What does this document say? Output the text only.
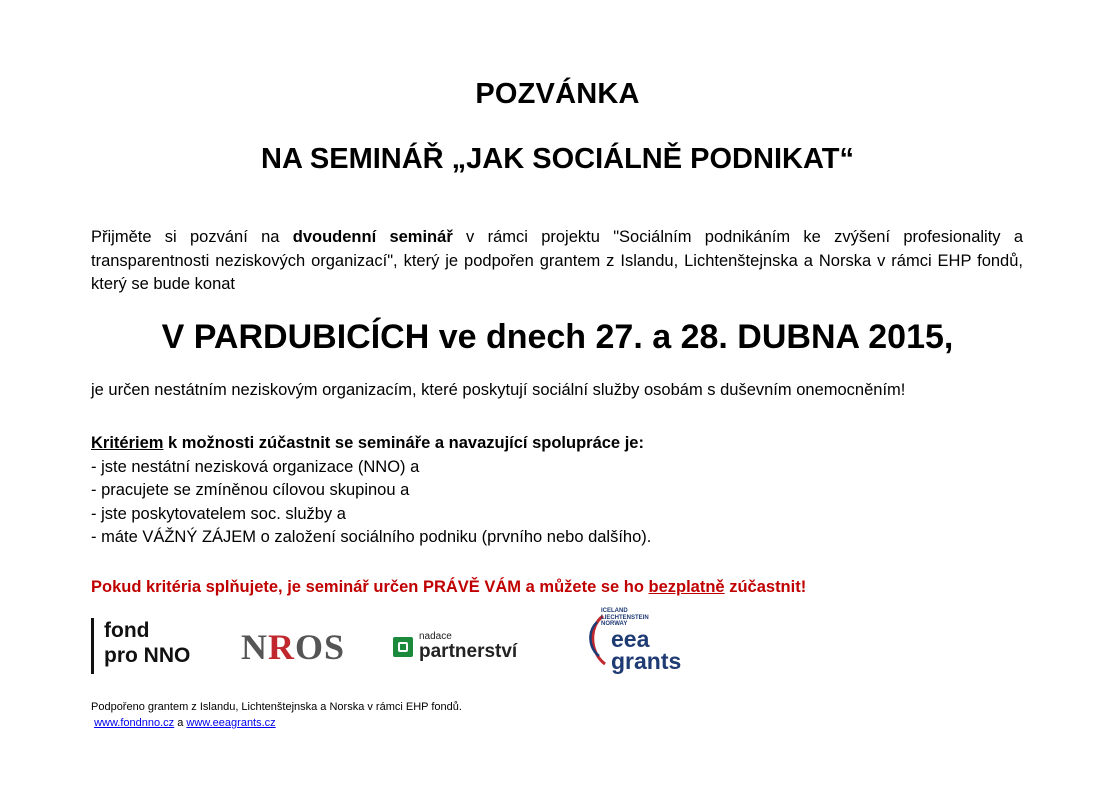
POZVÁNKA
NA SEMINÁŘ „JAK SOCIÁLNĚ PODNIKAT“
Přijměte si pozvání na dvoudenní seminář v rámci projektu "Sociálním podnikáním ke zvýšení profesionality a
transparentnosti neziskových organizací", který je podpořen grantem z Islandu, Lichtenštejnska a Norska v rámci EHP fondů, který se bude konat
V PARDUBICÍCH ve dnech 27. a 28. DUBNA 2015,
je určen nestátním neziskovým organizacím, které poskytují sociální služby osobám s duševním onemocněním!
Kritériem k možnosti zúčastnit se semináře a navazující spolupráce je:
- jste nestátní nezisková organizace (NNO) a
- pracujete se zmíněnou cílovou skupinou a
- jste poskytovatelem soc. služby a
- máte VÁŽNÝ ZÁJEM o založení sociálního podniku (prvního nebo dalšího).
Pokud kritéria splňujete, je seminář určen PRÁVĚ VÁM a můžete se ho bezplatně zúčastnit!
fond
pro NNO NROS	nadace
partnerství
ICELAND
LIECHTENSTEIN
NORWAY
eea
grants
Podpořeno grantem z Islandu, Lichtenštejnska a Norska v rámci EHP fondů.
www.fondnno.cz a www.eeagrants.cz
